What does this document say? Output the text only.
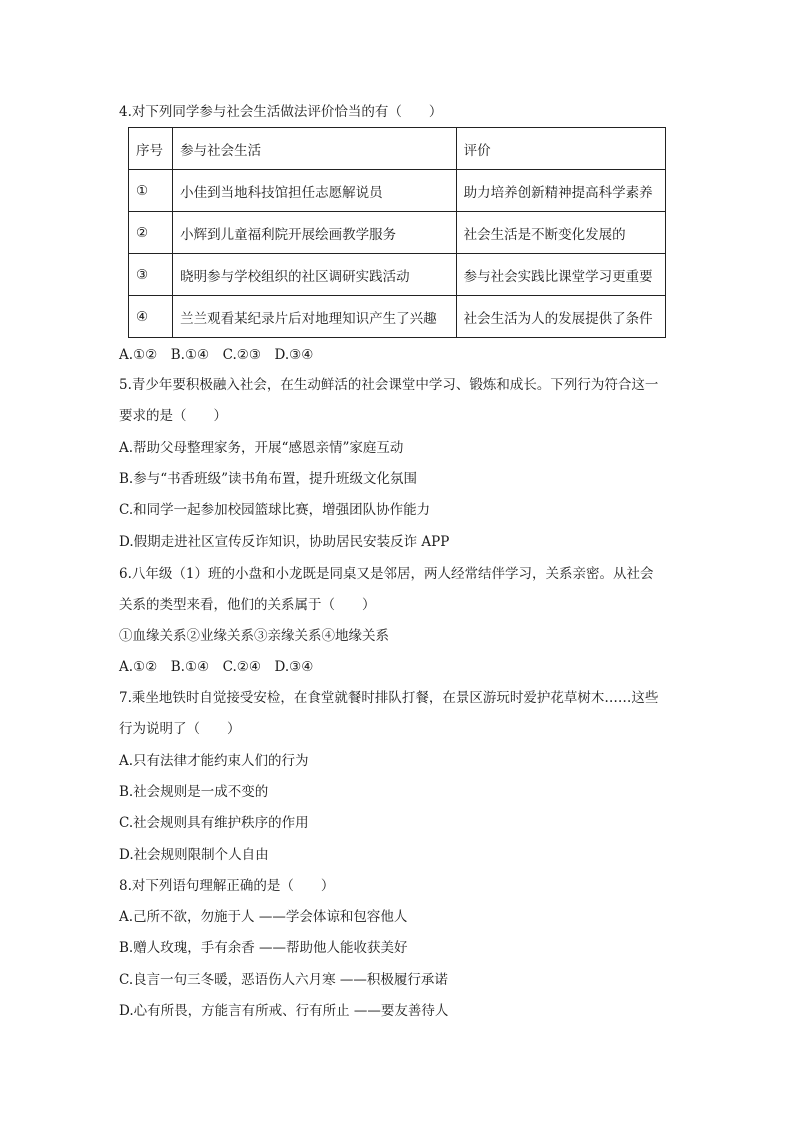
4.对下列同学参与社会生活做法评价恰当的有（　　）
序号	参与社会生活	评价
①	小佳到当地科技馆担任志愿解说员	助力培养创新精神提高科学素养
②	小辉到儿童福利院开展绘画教学服务	社会生活是不断变化发展的
③	晓明参与学校组织的社区调研实践活动	参与社会实践比课堂学习更重要
④	兰兰观看某纪录片后对地理知识产生了兴趣	社会生活为人的发展提供了条件
A.①②　B.①④　C.②③　D.③④
5.青少年要积极融入社会，在生动鲜活的社会课堂中学习、锻炼和成长。下列行为符合这一
要求的是（　　）
A.帮助父母整理家务，开展“感恩亲情”家庭互动
B.参与“书香班级”读书角布置，提升班级文化氛围
C.和同学一起参加校园篮球比赛，增强团队协作能力
D.假期走进社区宣传反诈知识，协助居民安装反诈 APP
6.八年级（1）班的小盘和小龙既是同桌又是邻居，两人经常结伴学习，关系亲密。从社会
关系的类型来看，他们的关系属于（　　）
①血缘关系②业缘关系③亲缘关系④地缘关系
A.①②　B.①④　C.②④　D.③④
7.乘坐地铁时自觉接受安检，在食堂就餐时排队打餐，在景区游玩时爱护花草树木……这些
行为说明了（　　）
A.只有法律才能约束人们的行为
B.社会规则是一成不变的
C.社会规则具有维护秩序的作用
D.社会规则限制个人自由
8.对下列语句理解正确的是（　　）
A.己所不欲，勿施于人 ——学会体谅和包容他人
B.赠人玫瑰，手有余香 ——帮助他人能收获美好
C.良言一句三冬暖，恶语伤人六月寒 ——积极履行承诺
D.心有所畏，方能言有所戒、行有所止 ——要友善待人
